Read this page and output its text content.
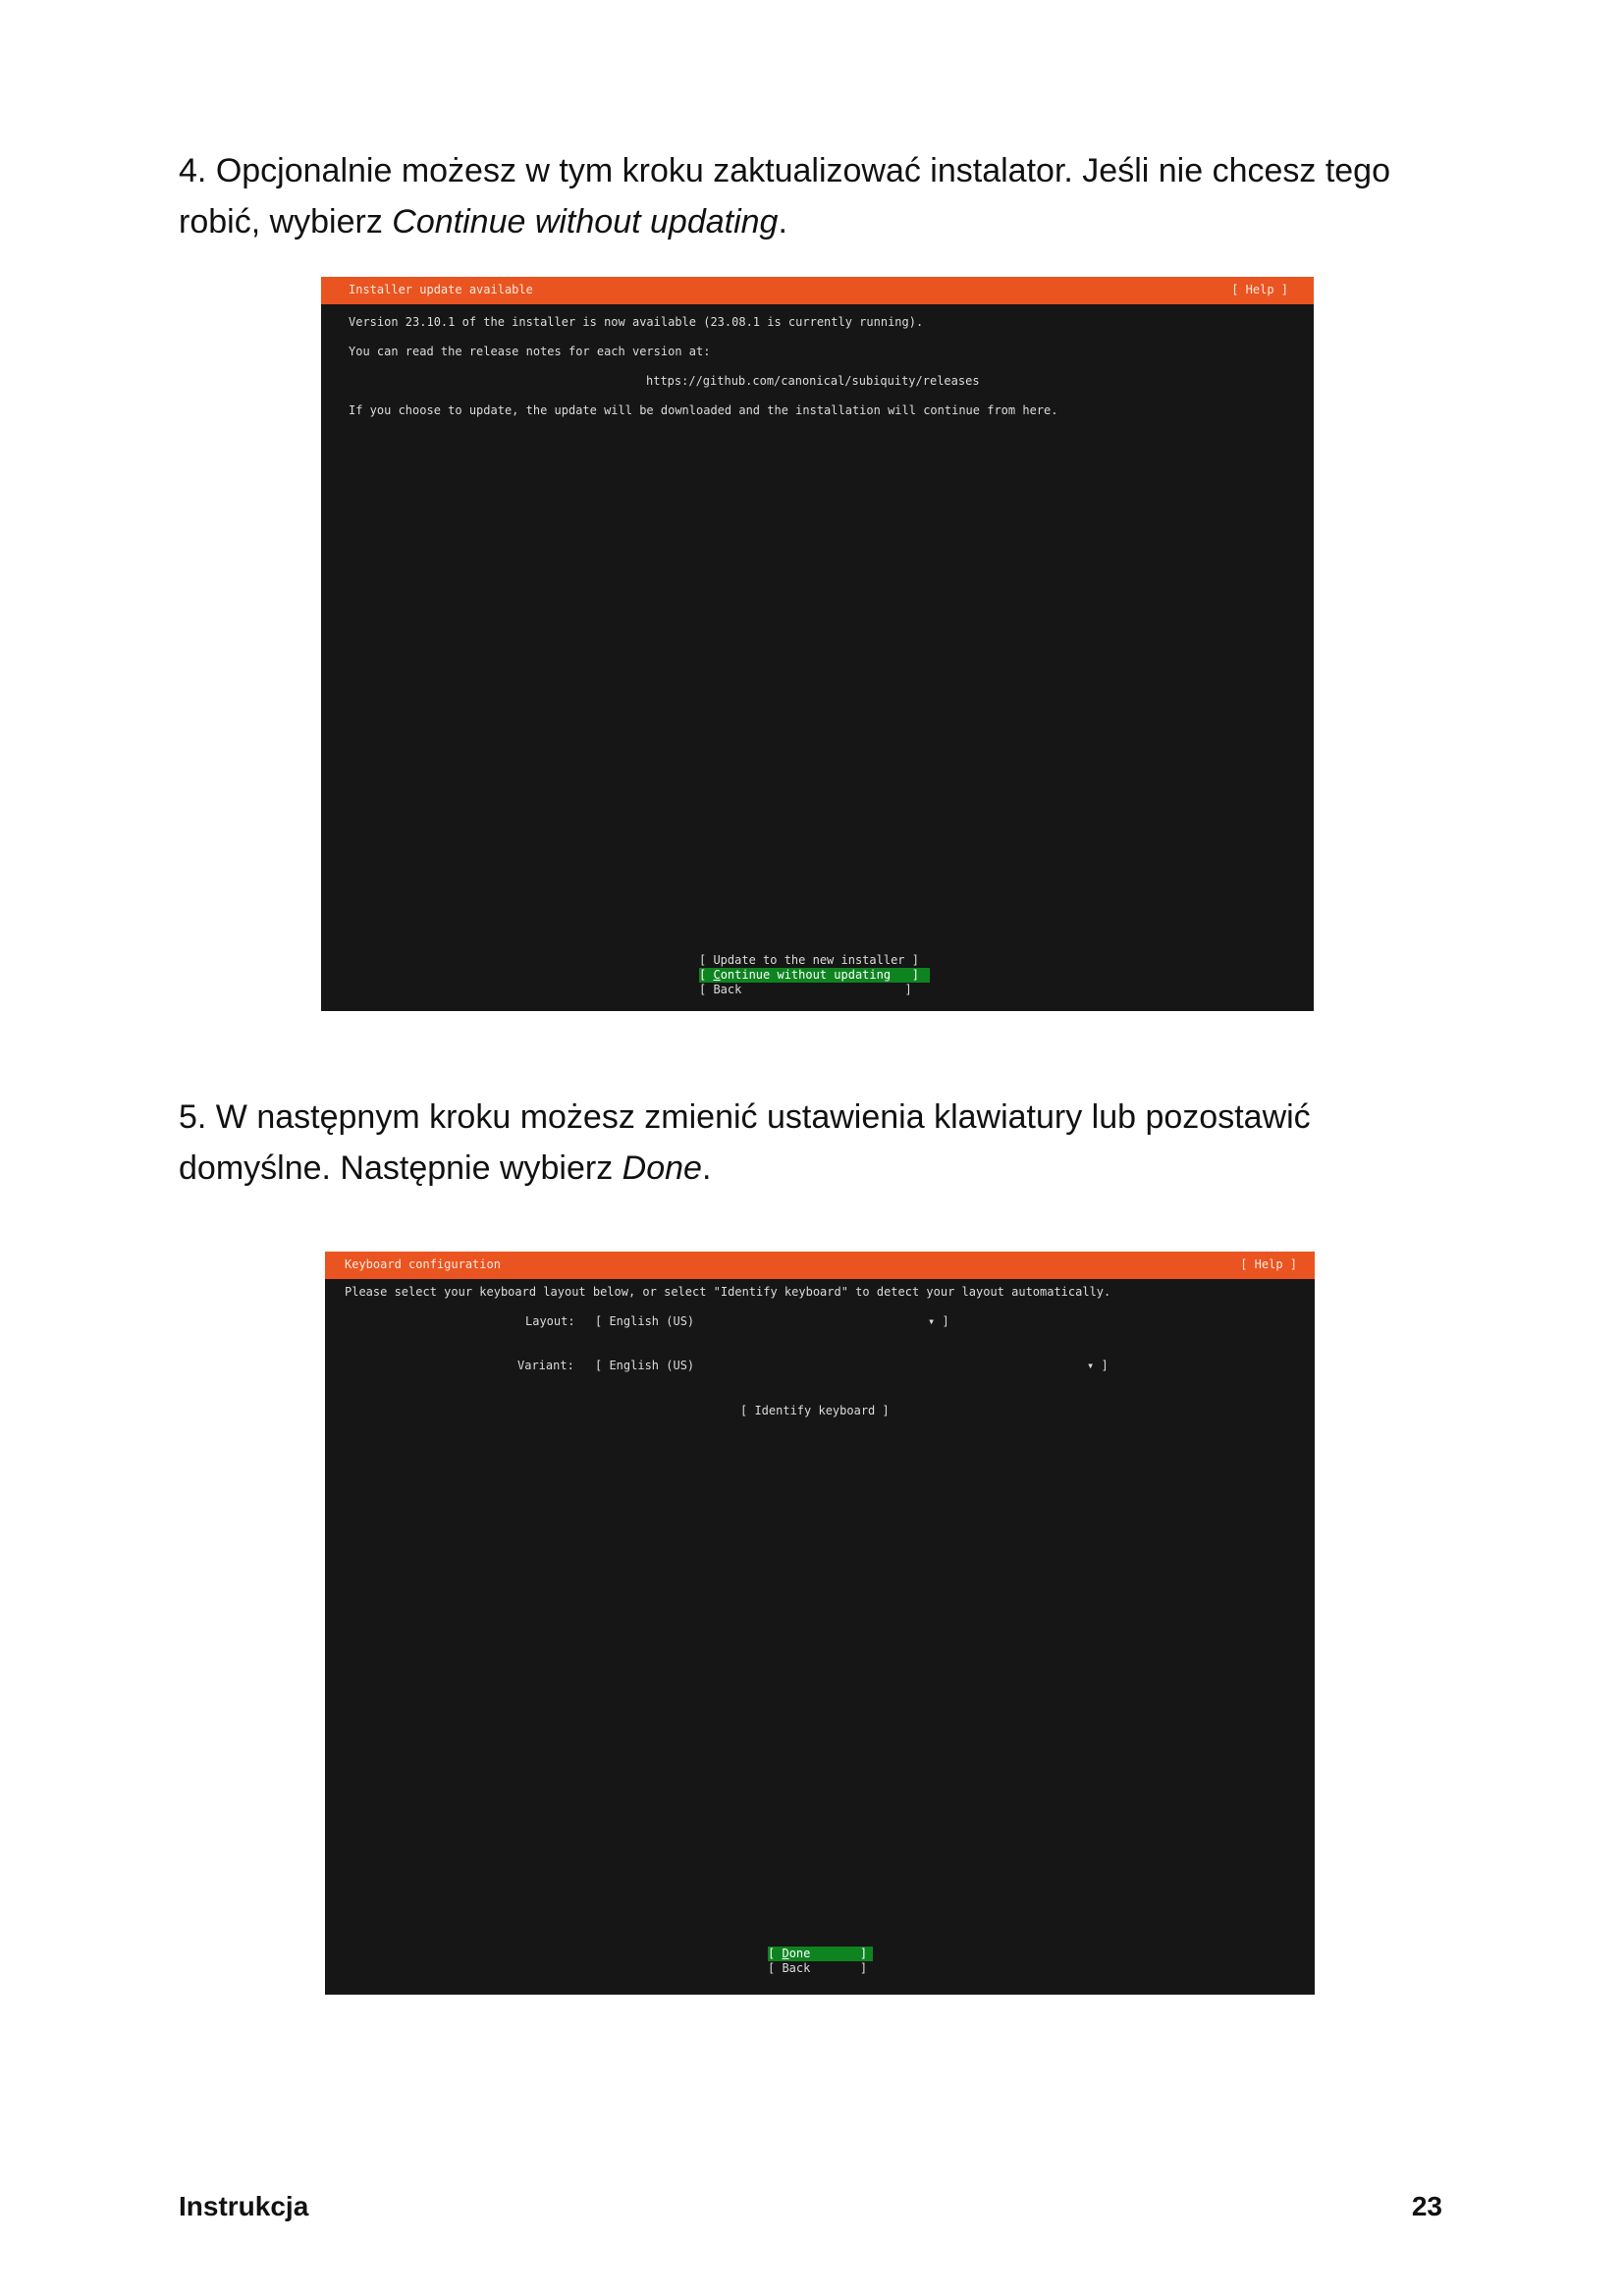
4. Opcjonalnie możesz w tym kroku zaktualizować instalator. Jeśli nie chcesz tego robić, wybierz Continue without updating.

Installer update available	[ Help ]
Version 23.10.1 of the installer is now available (23.08.1 is currently running).
You can read the release notes for each version at:
https://github.com/canonical/subiquity/releases
If you choose to update, the update will be downloaded and the installation will continue from here.
[ Update to the new installer ]
[ Continue without updating   ]
[ Back                       ]

5. W następnym kroku możesz zmienić ustawienia klawiatury lub pozostawić domyślne. Następnie wybierz Done.

Keyboard configuration	[ Help ]
Please select your keyboard layout below, or select "Identify keyboard" to detect your layout automatically.
Layout: [ English (US)	▾ ]
Variant: [ English (US)	▾ ]
[ Identify keyboard ]
[ Done       ]
[ Back       ]
Instrukcja	23
